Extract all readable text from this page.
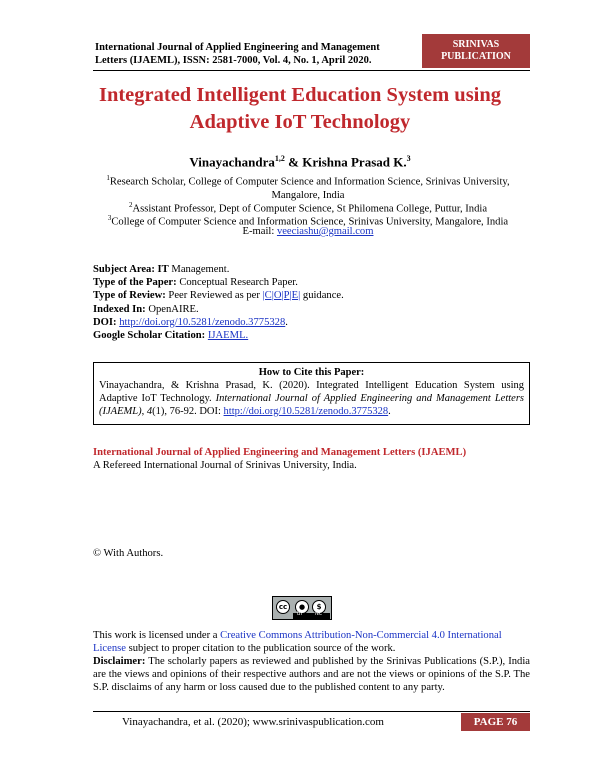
International Journal of Applied Engineering and Management
Letters (IJAEML), ISSN: 2581-7000, Vol. 4, No. 1, April 2020.
SRINIVAS
PUBLICATION
Integrated Intelligent Education System using
Adaptive IoT Technology
Vinayachandra$^{1,2}$ & Krishna Prasad K.$^3$
$^1$Research Scholar, College of Computer Science and Information Science, Srinivas University,
Mangalore, India
$^2$Assistant Professor, Dept of Computer Science, St Philomena College, Puttur, India
$^3$College of Computer Science and Information Science, Srinivas University, Mangalore, India
E-mail: veeciashu@gmail.com
Subject Area: IT Management.
Type of the Paper: Conceptual Research Paper.
Type of Review: Peer Reviewed as per |C|O|P|E| guidance.
Indexed In: OpenAIRE.
DOI: http://doi.org/10.5281/zenodo.3775328.
Google Scholar Citation: IJAEML.
How to Cite this Paper:
Vinayachandra, & Krishna Prasad, K. (2020). Integrated Intelligent Education System using Adaptive IoT Technology. International Journal of Applied Engineering and Management Letters (IJAEML), 4(1), 76-92. DOI: http://doi.org/10.5281/zenodo.3775328.
International Journal of Applied Engineering and Management Letters (IJAEML)
A Refereed International Journal of Srinivas University, India.
© With Authors.
cc	●	$
BY NC
This work is licensed under a Creative Commons Attribution-Non-Commercial 4.0 International License subject to proper citation to the publication source of the work.
Disclaimer: The scholarly papers as reviewed and published by the Srinivas Publications (S.P.), India are the views and opinions of their respective authors and are not the views or opinions of the S.P. The S.P. disclaims of any harm or loss caused due to the published content to any party.
Vinayachandra, et al. (2020); www.srinivaspublication.com	PAGE 76
